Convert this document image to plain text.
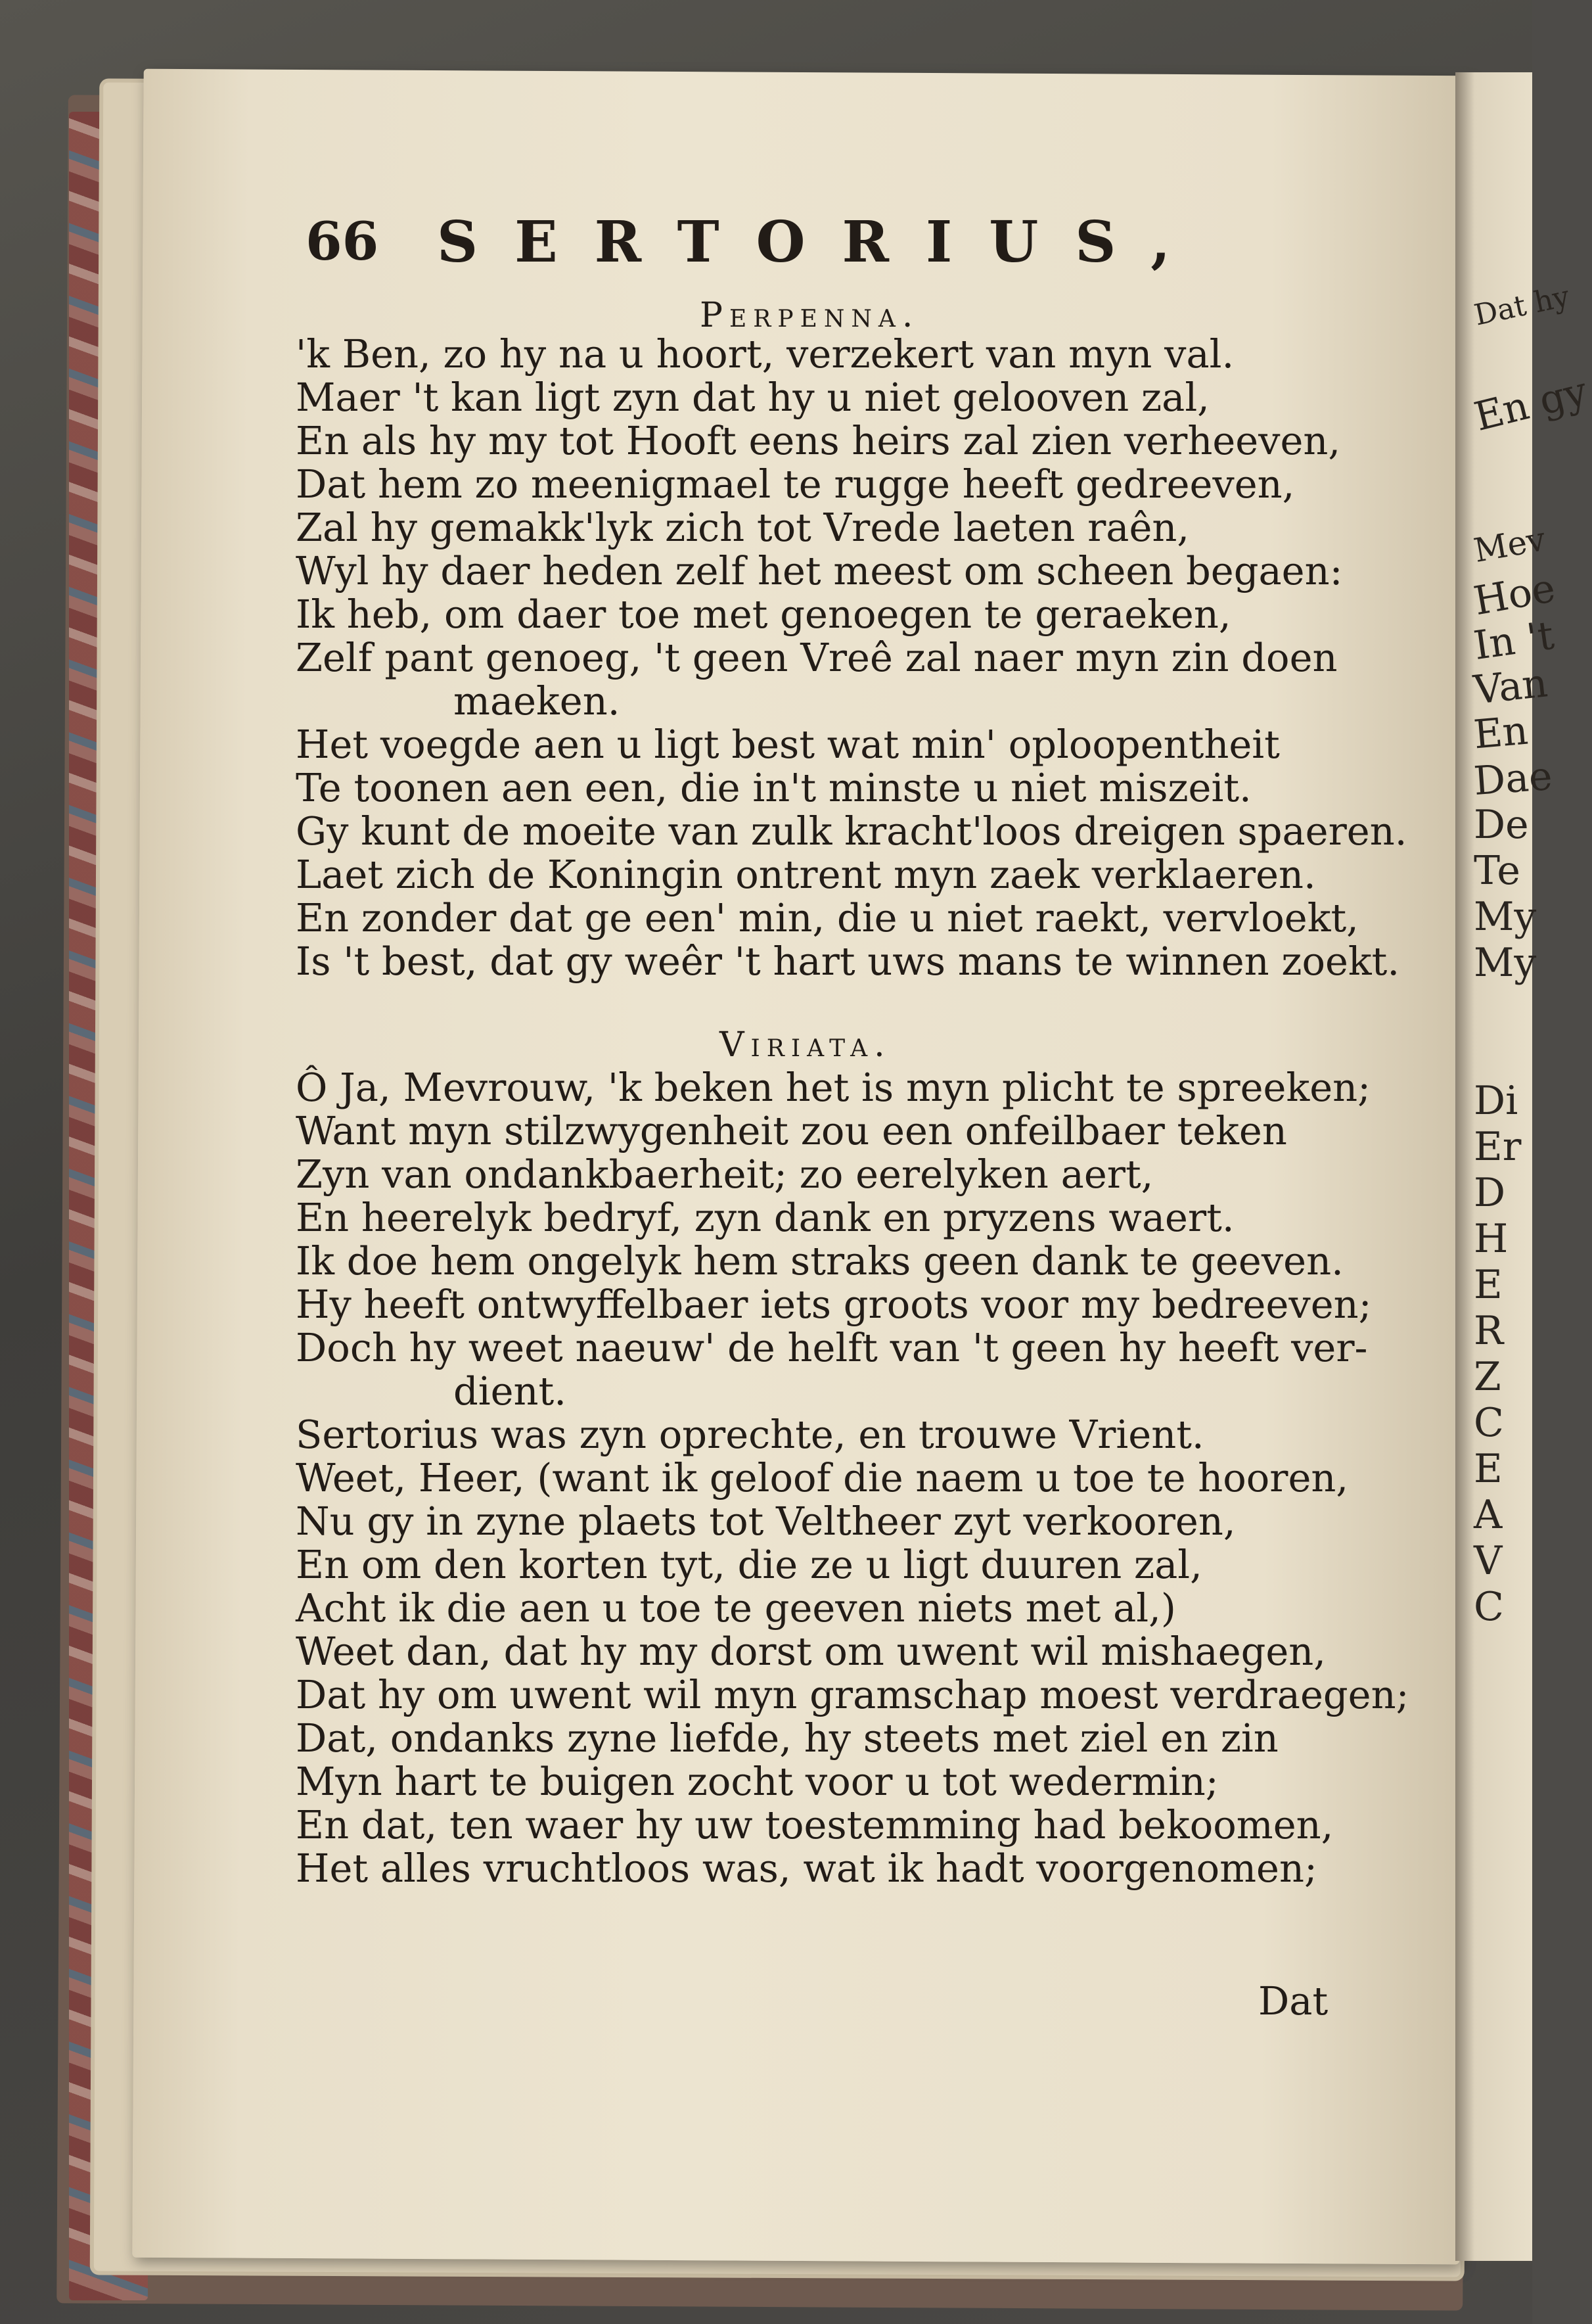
Dat hy
En gy
Mev
Hoe
In 't
Van
En
Dae
De
Te
My
My
Di
Er
D
H
E
R
Z
C
E
A
V
C
66 SERTORIUS,
Perpenna.
'k Ben, zo hy na u hoort, verzekert van myn val.
Maer 't kan ligt zyn dat hy u niet gelooven zal,
En als hy my tot Hooft eens heirs zal zien verheeven,
Dat hem zo meenigmael te rugge heeft gedreeven,
Zal hy gemakk'lyk zich tot Vrede laeten raên,
Wyl hy daer heden zelf het meest om scheen begaen:
Ik heb, om daer toe met genoegen te geraeken,
Zelf pant genoeg, 't geen Vreê zal naer myn zin doen
maeken.
Het voegde aen u ligt best wat min' oploopentheit
Te toonen aen een, die in't minste u niet miszeit.
Gy kunt de moeite van zulk kracht'loos dreigen spaeren.
Laet zich de Koningin ontrent myn zaek verklaeren.
En zonder dat ge een' min, die u niet raekt, vervloekt,
Is 't best, dat gy weêr 't hart uws mans te winnen zoekt.
Viriata.
Ô Ja, Mevrouw, 'k beken het is myn plicht te spreeken;
Want myn stilzwygenheit zou een onfeilbaer teken
Zyn van ondankbaerheit; zo eerelyken aert,
En heerelyk bedryf, zyn dank en pryzens waert.
Ik doe hem ongelyk hem straks geen dank te geeven.
Hy heeft ontwyffelbaer iets groots voor my bedreeven;
Doch hy weet naeuw' de helft van 't geen hy heeft ver-
dient.
Sertorius was zyn oprechte, en trouwe Vrient.
Weet, Heer, (want ik geloof die naem u toe te hooren,
Nu gy in zyne plaets tot Veltheer zyt verkooren,
En om den korten tyt, die ze u ligt duuren zal,
Acht ik die aen u toe te geeven niets met al,)
Weet dan, dat hy my dorst om uwent wil mishaegen,
Dat hy om uwent wil myn gramschap moest verdraegen;
Dat, ondanks zyne liefde, hy steets met ziel en zin
Myn hart te buigen zocht voor u tot wedermin;
En dat, ten waer hy uw toestemming had bekoomen,
Het alles vruchtloos was, wat ik hadt voorgenomen;
Dat
